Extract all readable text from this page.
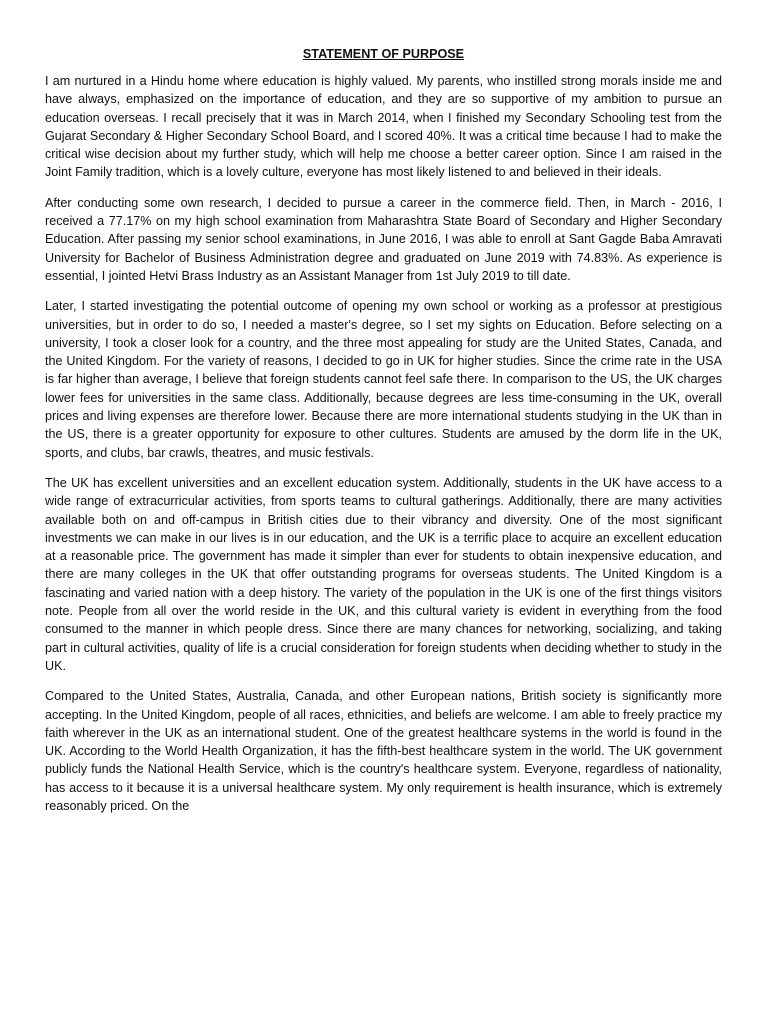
STATEMENT OF PURPOSE

I am nurtured in a Hindu home where education is highly valued. My parents, who instilled strong morals inside me and have always, emphasized on the importance of education, and they are so supportive of my ambition to pursue an education overseas. I recall precisely that it was in March 2014, when I finished my Secondary Schooling test from the Gujarat Secondary & Higher Secondary School Board, and I scored 40%. It was a critical time because I had to make the critical wise decision about my further study, which will help me choose a better career option. Since I am raised in the Joint Family tradition, which is a lovely culture, everyone has most likely listened to and believed in their ideals.

After conducting some own research, I decided to pursue a career in the commerce field. Then, in March - 2016, I received a 77.17% on my high school examination from Maharashtra State Board of Secondary and Higher Secondary Education. After passing my senior school examinations, in June 2016, I was able to enroll at Sant Gagde Baba Amravati University for Bachelor of Business Administration degree and graduated on June 2019 with 74.83%. As experience is essential, I jointed Hetvi Brass Industry as an Assistant Manager from 1st July 2019 to till date.

Later, I started investigating the potential outcome of opening my own school or working as a professor at prestigious universities, but in order to do so, I needed a master's degree, so I set my sights on Education. Before selecting on a university, I took a closer look for a country, and the three most appealing for study are the United States, Canada, and the United Kingdom. For the variety of reasons, I decided to go in UK for higher studies. Since the crime rate in the USA is far higher than average, I believe that foreign students cannot feel safe there. In comparison to the US, the UK charges lower fees for universities in the same class. Additionally, because degrees are less time-consuming in the UK, overall prices and living expenses are therefore lower. Because there are more international students studying in the UK than in the US, there is a greater opportunity for exposure to other cultures. Students are amused by the dorm life in the UK, sports, and clubs, bar crawls, theatres, and music festivals.

The UK has excellent universities and an excellent education system. Additionally, students in the UK have access to a wide range of extracurricular activities, from sports teams to cultural gatherings. Additionally, there are many activities available both on and off-campus in British cities due to their vibrancy and diversity. One of the most significant investments we can make in our lives is in our education, and the UK is a terrific place to acquire an excellent education at a reasonable price. The government has made it simpler than ever for students to obtain inexpensive education, and there are many colleges in the UK that offer outstanding programs for overseas students. The United Kingdom is a fascinating and varied nation with a deep history. The variety of the population in the UK is one of the first things visitors note. People from all over the world reside in the UK, and this cultural variety is evident in everything from the food consumed to the manner in which people dress. Since there are many chances for networking, socializing, and taking part in cultural activities, quality of life is a crucial consideration for foreign students when deciding whether to study in the UK.

Compared to the United States, Australia, Canada, and other European nations, British society is significantly more accepting. In the United Kingdom, people of all races, ethnicities, and beliefs are welcome. I am able to freely practice my faith wherever in the UK as an international student. One of the greatest healthcare systems in the world is found in the UK. According to the World Health Organization, it has the fifth-best healthcare system in the world. The UK government publicly funds the National Health Service, which is the country's healthcare system. Everyone, regardless of nationality, has access to it because it is a universal healthcare system. My only requirement is health insurance, which is extremely reasonably priced. On the
